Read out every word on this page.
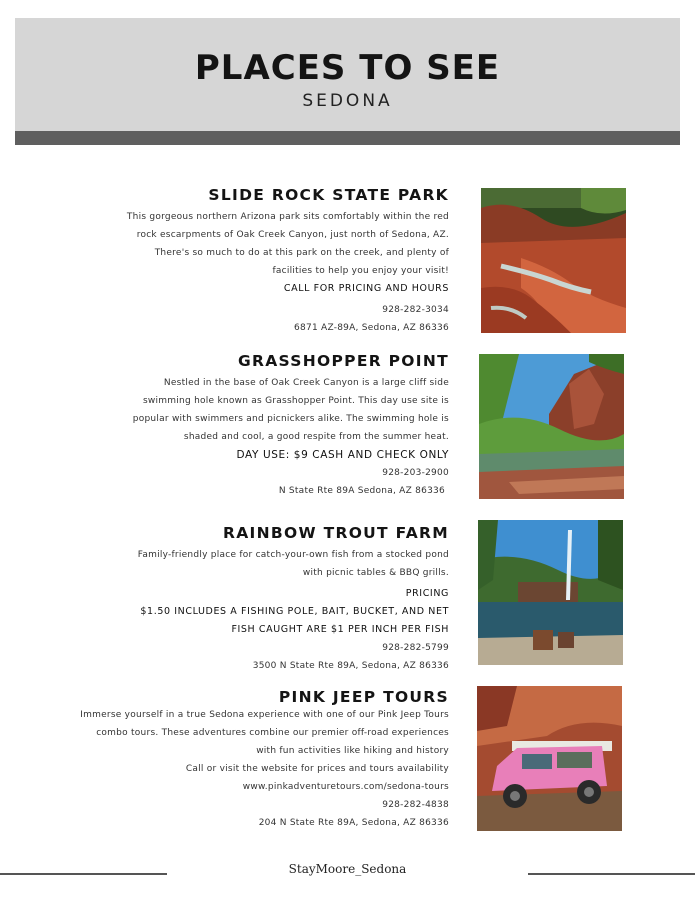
PLACES TO SEE
SEDONA
SLIDE ROCK STATE PARK
This gorgeous northern Arizona park sits comfortably within the red
rock escarpments of Oak Creek Canyon, just north of Sedona, AZ.
There's so much to do at this park on the creek, and plenty of
facilities to help you enjoy your visit!
CALL FOR PRICING AND HOURS
928-282-3034
6871 AZ-89A, Sedona, AZ 86336
GRASSHOPPER POINT
Nestled in the base of Oak Creek Canyon is a large cliff side
swimming hole known as Grasshopper Point. This day use site is
popular with swimmers and picnickers alike. The swimming hole is
shaded and cool, a good respite from the summer heat.
DAY USE: $9 CASH AND CHECK ONLY
928-203-2900
N State Rte 89A Sedona, AZ 86336
RAINBOW TROUT FARM
Family-friendly place for catch-your-own fish from a stocked pond
with picnic tables & BBQ grills.
PRICING
$1.50 INCLUDES A FISHING POLE, BAIT, BUCKET, AND NET
FISH CAUGHT ARE $1 PER INCH PER FISH
928-282-5799
3500 N State Rte 89A, Sedona, AZ 86336
PINK JEEP TOURS
Immerse yourself in a true Sedona experience with one of our Pink Jeep Tours
combo tours. These adventures combine our premier off-road experiences
with fun activities like hiking and history
Call or visit the website for prices and tours availability
www.pinkadventuretours.com/sedona-tours
928-282-4838
204 N State Rte 89A, Sedona, AZ 86336
StayMoore_Sedona
